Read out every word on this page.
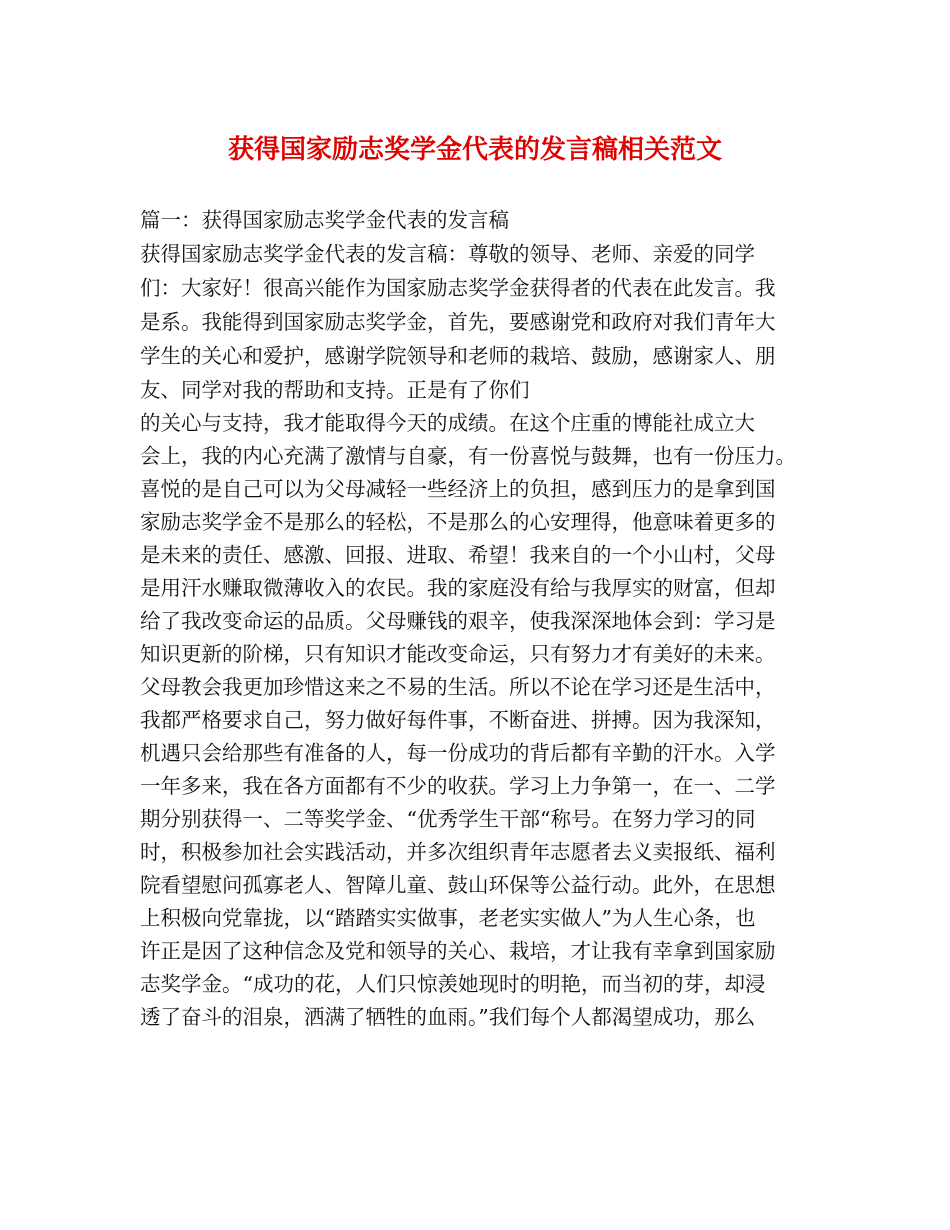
获得国家励志奖学金代表的发言稿相关范文
篇一：获得国家励志奖学金代表的发言稿
获得国家励志奖学金代表的发言稿：尊敬的领导、老师、亲爱的同学
们：大家好！很高兴能作为国家励志奖学金获得者的代表在此发言。我
是系。我能得到国家励志奖学金，首先，要感谢党和政府对我们青年大
学生的关心和爱护，感谢学院领导和老师的栽培、鼓励，感谢家人、朋
友、同学对我的帮助和支持。正是有了你们
的关心与支持，我才能取得今天的成绩。在这个庄重的博能社成立大
会上，我的内心充满了激情与自豪，有一份喜悦与鼓舞，也有一份压力。
喜悦的是自己可以为父母减轻一些经济上的负担，感到压力的是拿到国
家励志奖学金不是那么的轻松，不是那么的心安理得，他意味着更多的
是未来的责任、感激、回报、进取、希望！我来自的一个小山村，父母
是用汗水赚取微薄收入的农民。我的家庭没有给与我厚实的财富，但却
给了我改变命运的品质。父母赚钱的艰辛，使我深深地体会到：学习是
知识更新的阶梯，只有知识才能改变命运，只有努力才有美好的未来。
父母教会我更加珍惜这来之不易的生活。所以不论在学习还是生活中，
我都严格要求自己，努力做好每件事，不断奋进、拼搏。因为我深知，
机遇只会给那些有准备的人，每一份成功的背后都有辛勤的汗水。入学
一年多来，我在各方面都有不少的收获。学习上力争第一，在一、二学
期分别获得一、二等奖学金、“优秀学生干部“称号。在努力学习的同
时，积极参加社会实践活动，并多次组织青年志愿者去义卖报纸、福利
院看望慰问孤寡老人、智障儿童、鼓山环保等公益行动。此外，在思想
上积极向党靠拢，以“踏踏实实做事，老老实实做人”为人生心条，也
许正是因了这种信念及党和领导的关心、栽培，才让我有幸拿到国家励
志奖学金。“成功的花，人们只惊羡她现时的明艳，而当初的芽，却浸
透了奋斗的泪泉，洒满了牺牲的血雨。”我们每个人都渴望成功，那么
